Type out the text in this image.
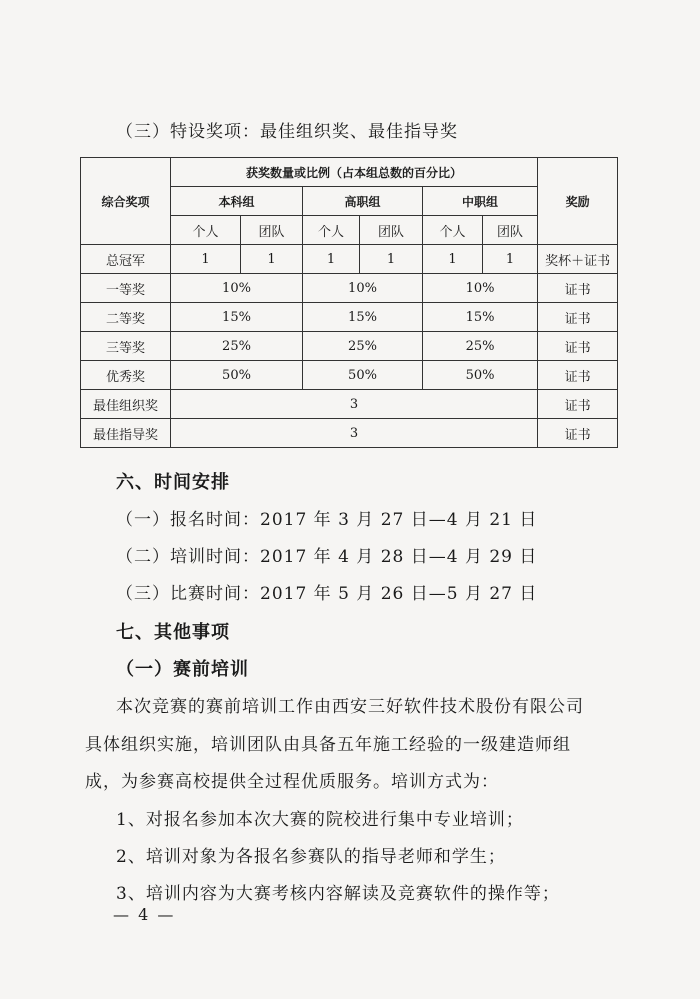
（三）特设奖项：最佳组织奖、最佳指导奖
综合奖项	获奖数量或比例（占本组总数的百分比）						奖励
	本科组		高职组		中职组		
	个人	团队	个人	团队	个人	团队	
总冠军	1	1	1	1	1	1	奖杯＋证书
一等奖	10%		10%		10%		证书
二等奖	15%		15%		15%		证书
三等奖	25%		25%		25%		证书
优秀奖	50%		50%		50%		证书
最佳组织奖	3						证书
最佳指导奖	3						证书
六、时间安排
（一）报名时间：2017 年 3 月 27 日—4 月 21 日
（二）培训时间：2017 年 4 月 28 日—4 月 29 日
（三）比赛时间：2017 年 5 月 26 日—5 月 27 日
七、其他事项
（一）赛前培训
本次竞赛的赛前培训工作由西安三好软件技术股份有限公司
具体组织实施，培训团队由具备五年施工经验的一级建造师组
成，为参赛高校提供全过程优质服务。培训方式为：
1、对报名参加本次大赛的院校进行集中专业培训；
2、培训对象为各报名参赛队的指导老师和学生；
3、培训内容为大赛考核内容解读及竞赛软件的操作等；
— 4 —
